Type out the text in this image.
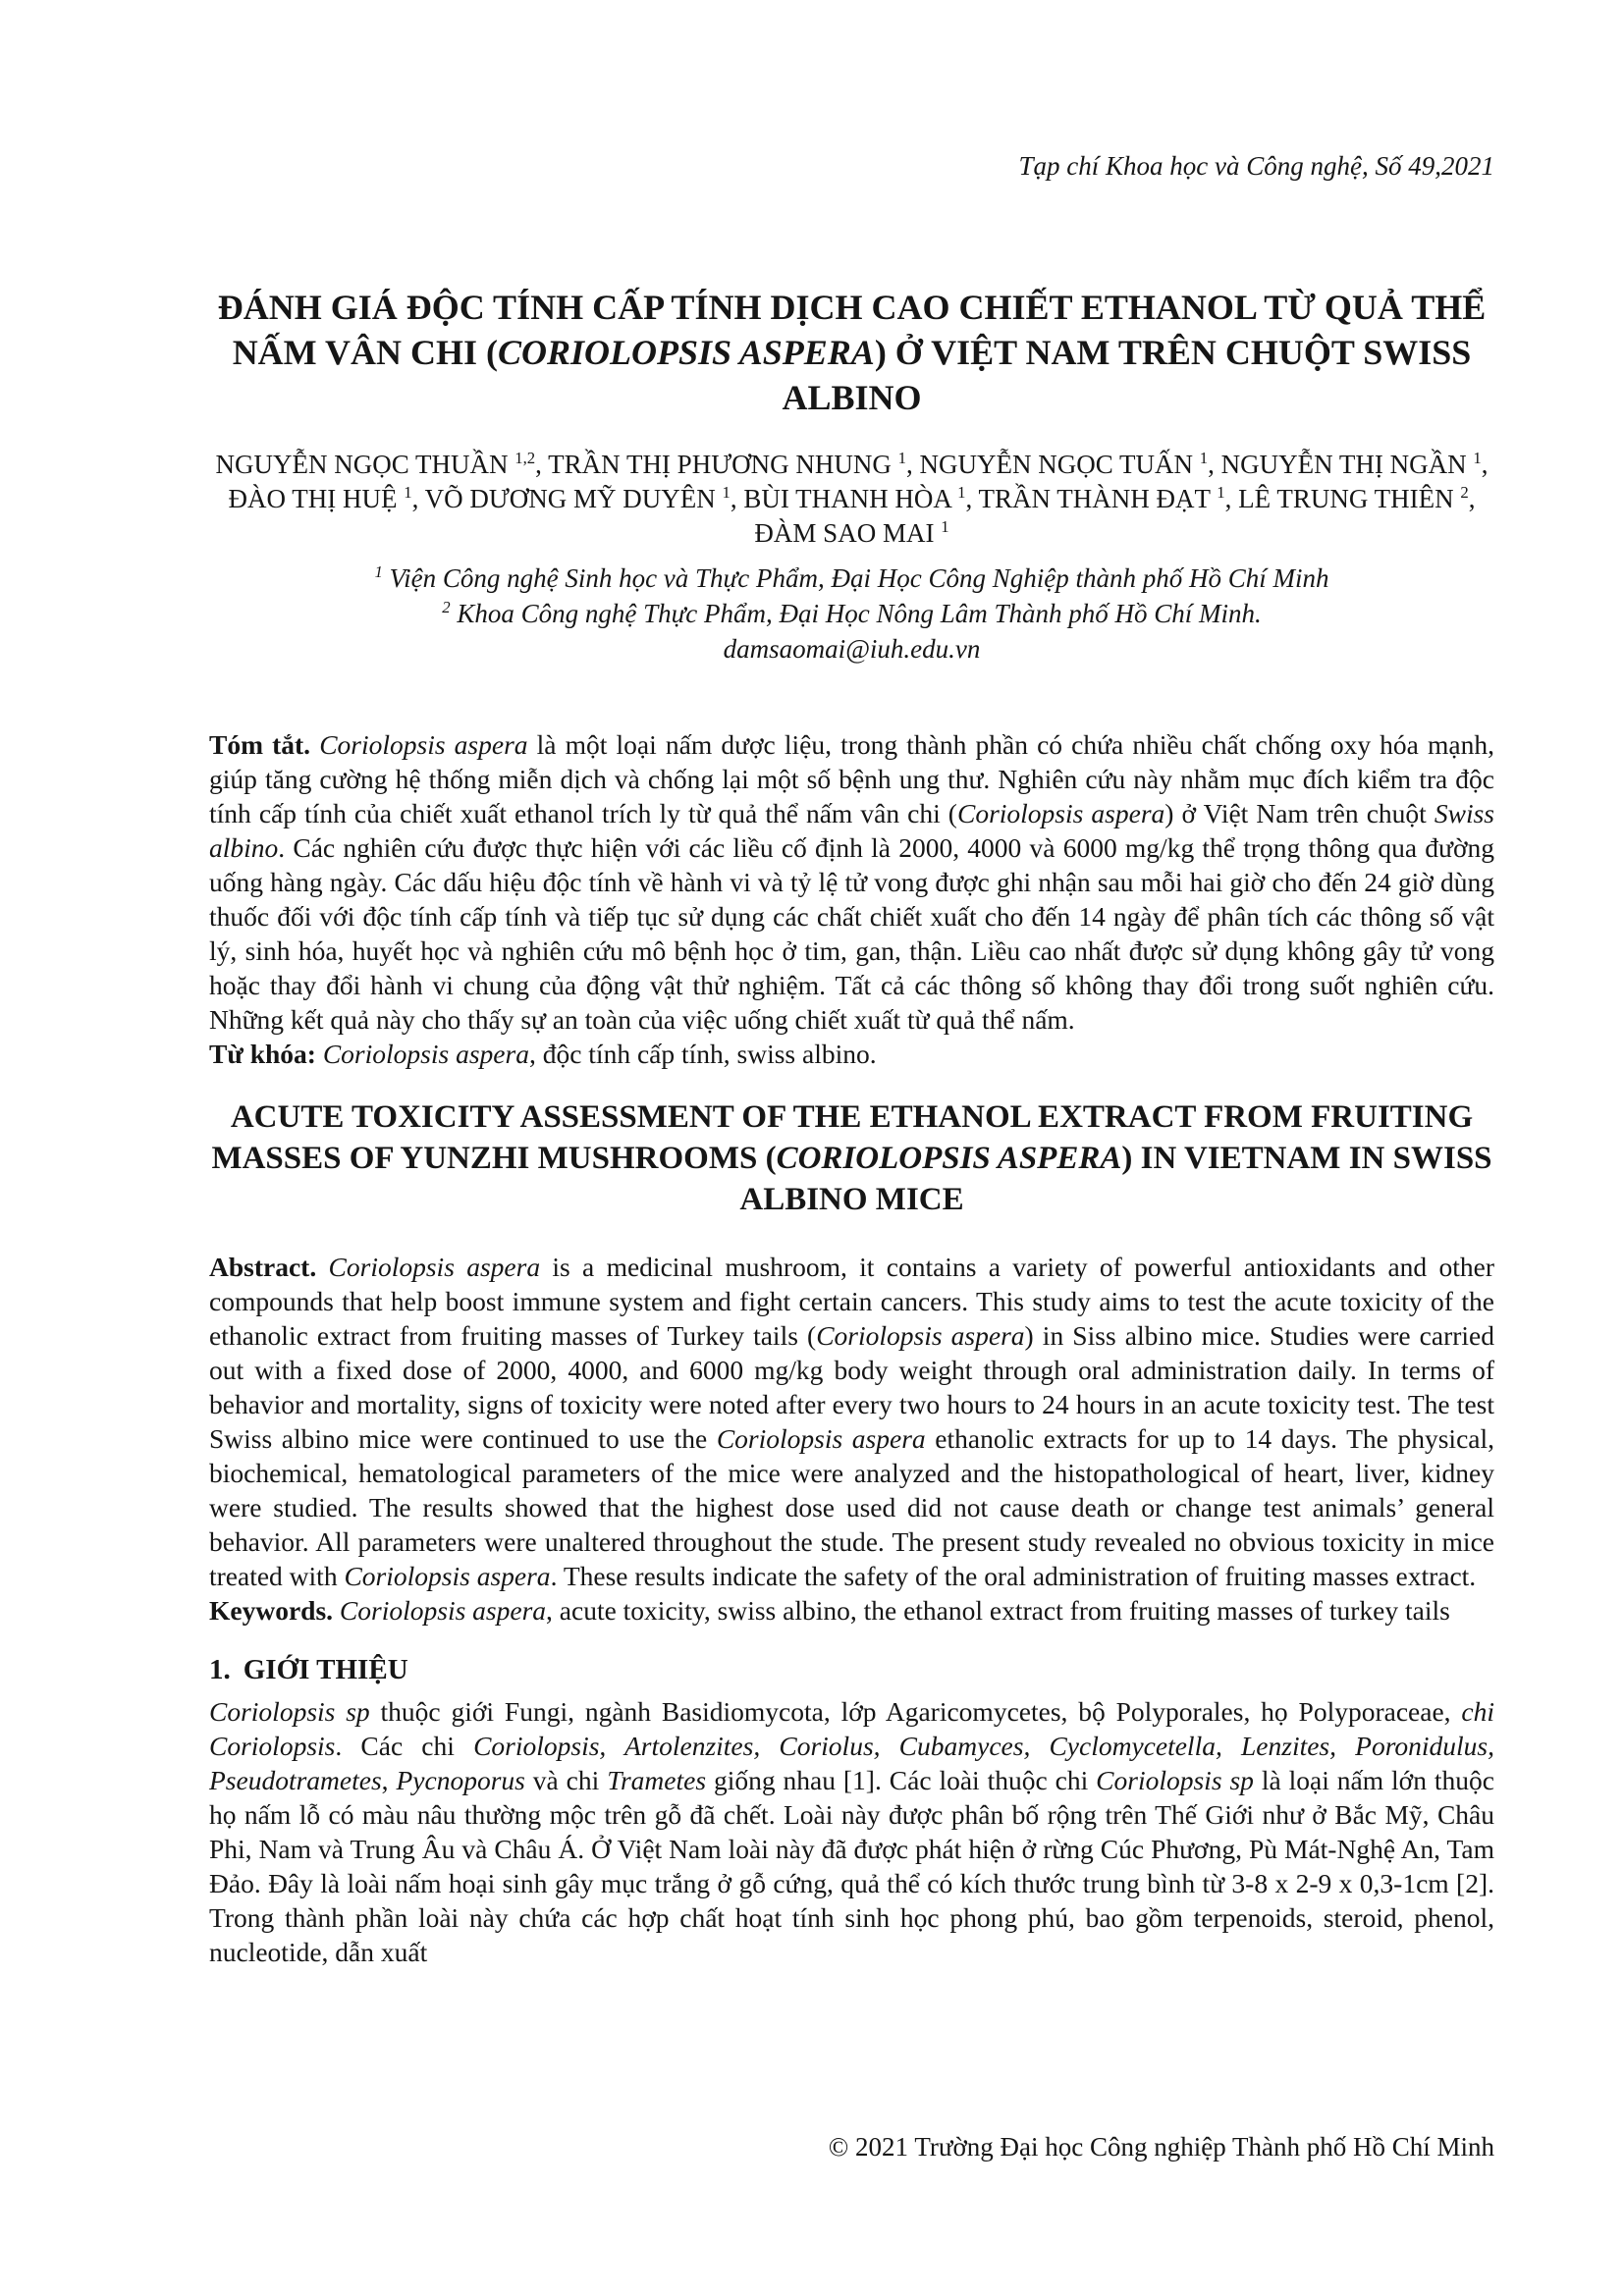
Tạp chí Khoa học và Công nghệ, Số 49,2021
ĐÁNH GIÁ ĐỘC TÍNH CẤP TÍNH DỊCH CAO CHIẾT ETHANOL TỪ QUẢ THỂ NẤM VÂN CHI (CORIOLOPSIS ASPERA) Ở VIỆT NAM TRÊN CHUỘT SWISS ALBINO
NGUYỄN NGỌC THUẦN $^{1,2}$, TRẦN THỊ PHƯƠNG NHUNG $^1$, NGUYỄN NGỌC TUẤN $^1$, NGUYỄN THỊ NGẦN $^1$, ĐÀO THỊ HUỆ $^1$, VÕ DƯƠNG MỸ DUYÊN $^1$, BÙI THANH HÒA $^1$, TRẦN THÀNH ĐẠT $^1$, LÊ TRUNG THIÊN $^2$, ĐÀM SAO MAI $^1$
$^1$ Viện Công nghệ Sinh học và Thực Phẩm, Đại Học Công Nghiệp thành phố Hồ Chí Minh
$^2$ Khoa Công nghệ Thực Phẩm, Đại Học Nông Lâm Thành phố Hồ Chí Minh.
damsaomai@iuh.edu.vn

Tóm tắt. Coriolopsis aspera là một loại nấm dược liệu, trong thành phần có chứa nhiều chất chống oxy hóa mạnh, giúp tăng cường hệ thống miễn dịch và chống lại một số bệnh ung thư. Nghiên cứu này nhằm mục đích kiểm tra độc tính cấp tính của chiết xuất ethanol trích ly từ quả thể nấm vân chi (Coriolopsis aspera) ở Việt Nam trên chuột Swiss albino. Các nghiên cứu được thực hiện với các liều cố định là 2000, 4000 và 6000 mg/kg thể trọng thông qua đường uống hàng ngày. Các dấu hiệu độc tính về hành vi và tỷ lệ tử vong được ghi nhận sau mỗi hai giờ cho đến 24 giờ dùng thuốc đối với độc tính cấp tính và tiếp tục sử dụng các chất chiết xuất cho đến 14 ngày để phân tích các thông số vật lý, sinh hóa, huyết học và nghiên cứu mô bệnh học ở tim, gan, thận. Liều cao nhất được sử dụng không gây tử vong hoặc thay đổi hành vi chung của động vật thử nghiệm. Tất cả các thông số không thay đổi trong suốt nghiên cứu. Những kết quả này cho thấy sự an toàn của việc uống chiết xuất từ quả thể nấm.

Từ khóa: Coriolopsis aspera, độc tính cấp tính, swiss albino.

ACUTE TOXICITY ASSESSMENT OF THE ETHANOL EXTRACT FROM FRUITING MASSES OF YUNZHI MUSHROOMS (CORIOLOPSIS ASPERA) IN VIETNAM IN SWISS ALBINO MICE

Abstract. Coriolopsis aspera is a medicinal mushroom, it contains a variety of powerful antioxidants and other compounds that help boost immune system and fight certain cancers. This study aims to test the acute toxicity of the ethanolic extract from fruiting masses of Turkey tails (Coriolopsis aspera) in Siss albino mice. Studies were carried out with a fixed dose of 2000, 4000, and 6000 mg/kg body weight through oral administration daily. In terms of behavior and mortality, signs of toxicity were noted after every two hours to 24 hours in an acute toxicity test. The test Swiss albino mice were continued to use the Coriolopsis aspera ethanolic extracts for up to 14 days. The physical, biochemical, hematological parameters of the mice were analyzed and the histopathological of heart, liver, kidney were studied. The results showed that the highest dose used did not cause death or change test animals’ general behavior. All parameters were unaltered throughout the stude. The present study revealed no obvious toxicity in mice treated with Coriolopsis aspera. These results indicate the safety of the oral administration of fruiting masses extract.

Keywords. Coriolopsis aspera, acute toxicity, swiss albino, the ethanol extract from fruiting masses of turkey tails

1. GIỚI THIỆU

Coriolopsis sp thuộc giới Fungi, ngành Basidiomycota, lớp Agaricomycetes, bộ Polyporales, họ Polyporaceae, chi Coriolopsis. Các chi Coriolopsis, Artolenzites, Coriolus, Cubamyces, Cyclomycetella, Lenzites, Poronidulus, Pseudotrametes, Pycnoporus và chi Trametes giống nhau [1]. Các loài thuộc chi Coriolopsis sp là loại nấm lớn thuộc họ nấm lỗ có màu nâu thường mộc trên gỗ đã chết. Loài này được phân bố rộng trên Thế Giới như ở Bắc Mỹ, Châu Phi, Nam và Trung Âu và Châu Á. Ở Việt Nam loài này đã được phát hiện ở rừng Cúc Phương, Pù Mát-Nghệ An, Tam Đảo. Đây là loài nấm hoại sinh gây mục trắng ở gỗ cứng, quả thể có kích thước trung bình từ 3-8 x 2-9 x 0,3-1cm [2]. Trong thành phần loài này chứa các hợp chất hoạt tính sinh học phong phú, bao gồm terpenoids, steroid, phenol, nucleotide, dẫn xuất

© 2021 Trường Đại học Công nghiệp Thành phố Hồ Chí Minh
